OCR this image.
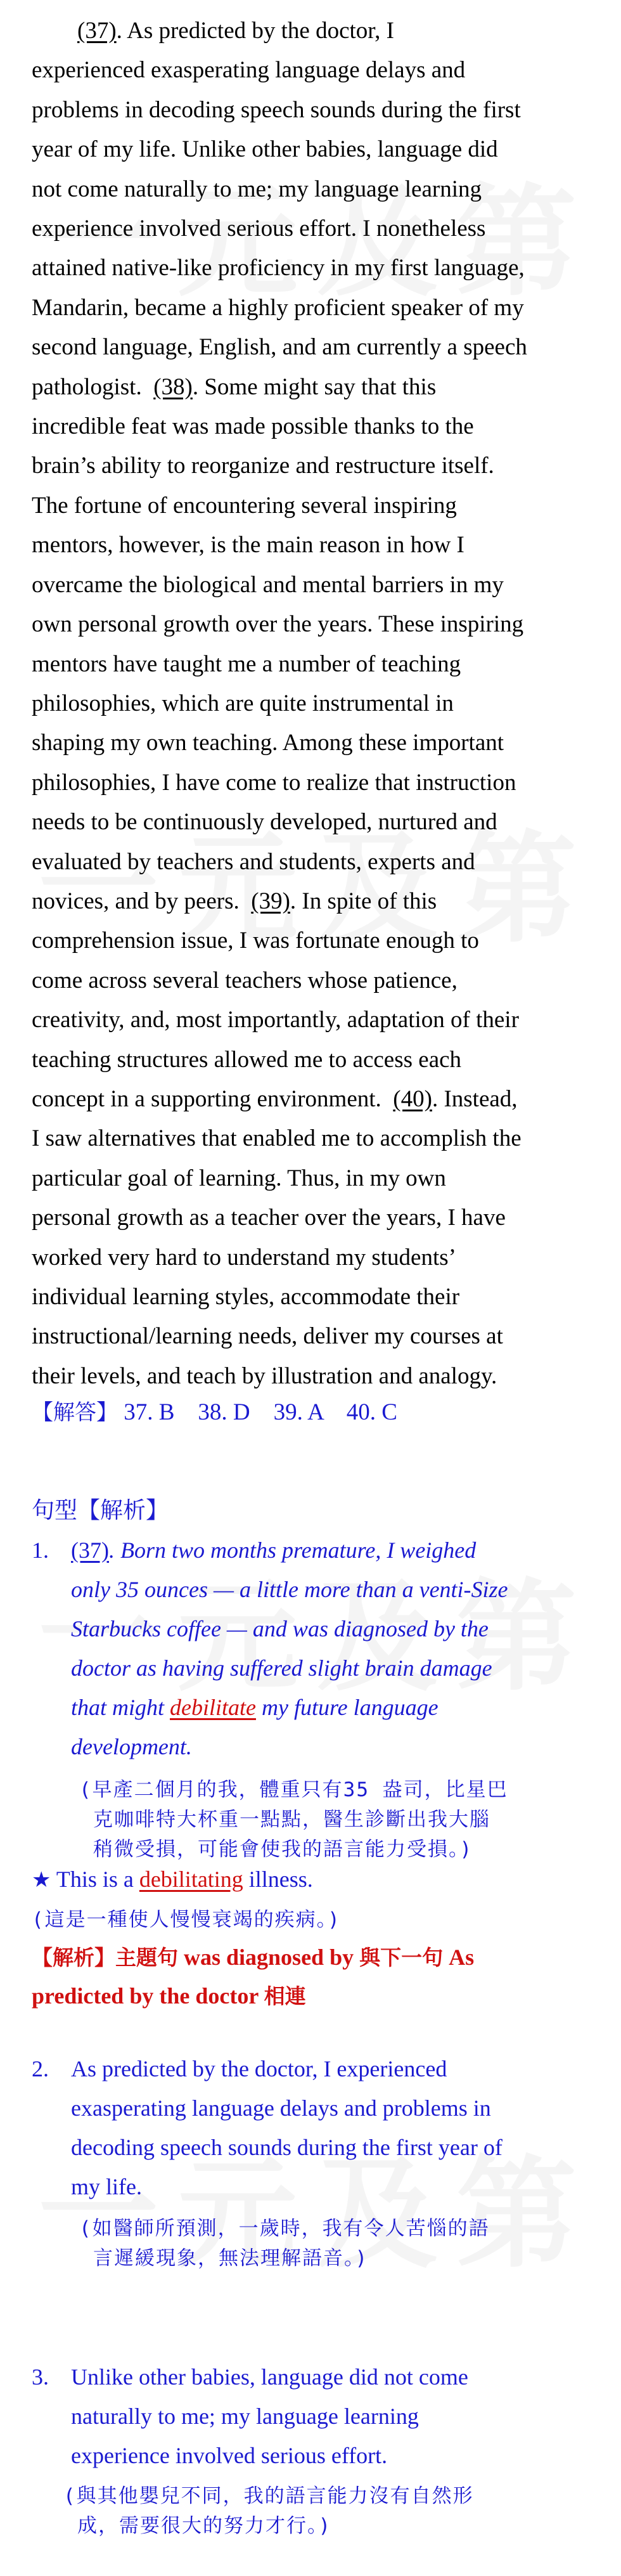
(37). As predicted by the doctor, I
experienced exasperating language delays and
problems in decoding speech sounds during the first
year of my life. Unlike other babies, language did
not come naturally to me; my language learning
experience involved serious effort. I nonetheless
attained native-like proficiency in my first language,
Mandarin, became a highly proficient speaker of my
second language, English, and am currently a speech
pathologist.  (38). Some might say that this
incredible feat was made possible thanks to the
brain’s ability to reorganize and restructure itself.
The fortune of encountering several inspiring
mentors, however, is the main reason in how I
overcame the biological and mental barriers in my
own personal growth over the years. These inspiring
mentors have taught me a number of teaching
philosophies, which are quite instrumental in
shaping my own teaching. Among these important
philosophies, I have come to realize that instruction
needs to be continuously developed, nurtured and
evaluated by teachers and students, experts and
novices, and by peers.  (39). In spite of this
comprehension issue, I was fortunate enough to
come across several teachers whose patience,
creativity, and, most importantly, adaptation of their
teaching structures allowed me to access each
concept in a supporting environment.  (40). Instead,
I saw alternatives that enabled me to accomplish the
particular goal of learning. Thus, in my own
personal growth as a teacher over the years, I have
worked very hard to understand my students’
individual learning styles, accommodate their
instructional/learning needs, deliver my courses at
their levels, and teach by illustration and analogy.
【解答】 37. B    38. D    39. A    40. C
句型【解析】
1. (37). Born two months premature, I weighed
only 35 ounces — a little more than a venti-Size
Starbucks coffee — and was diagnosed by the
doctor as having suffered slight brain damage
that might debilitate my future language
development.
(早產二個月的我，體重只有35 盎司，比星巴
克咖啡特大杯重一點點，醫生診斷出我大腦
稍微受損，可能會使我的語言能力受損。)
★ This is a debilitating illness.
(這是一種使人慢慢衰竭的疾病。)
【解析】主題句 was diagnosed by 與下一句 As
predicted by the doctor 相連
2. As predicted by the doctor, I experienced
exasperating language delays and problems in
decoding speech sounds during the first year of
my life.
(如醫師所預測，一歲時，我有令人苦惱的語
言遲緩現象，無法理解語音。)
3. Unlike other babies, language did not come
naturally to me; my language learning
experience involved serious effort.
(與其他嬰兒不同，我的語言能力沒有自然形
成，需要很大的努力才行。)
